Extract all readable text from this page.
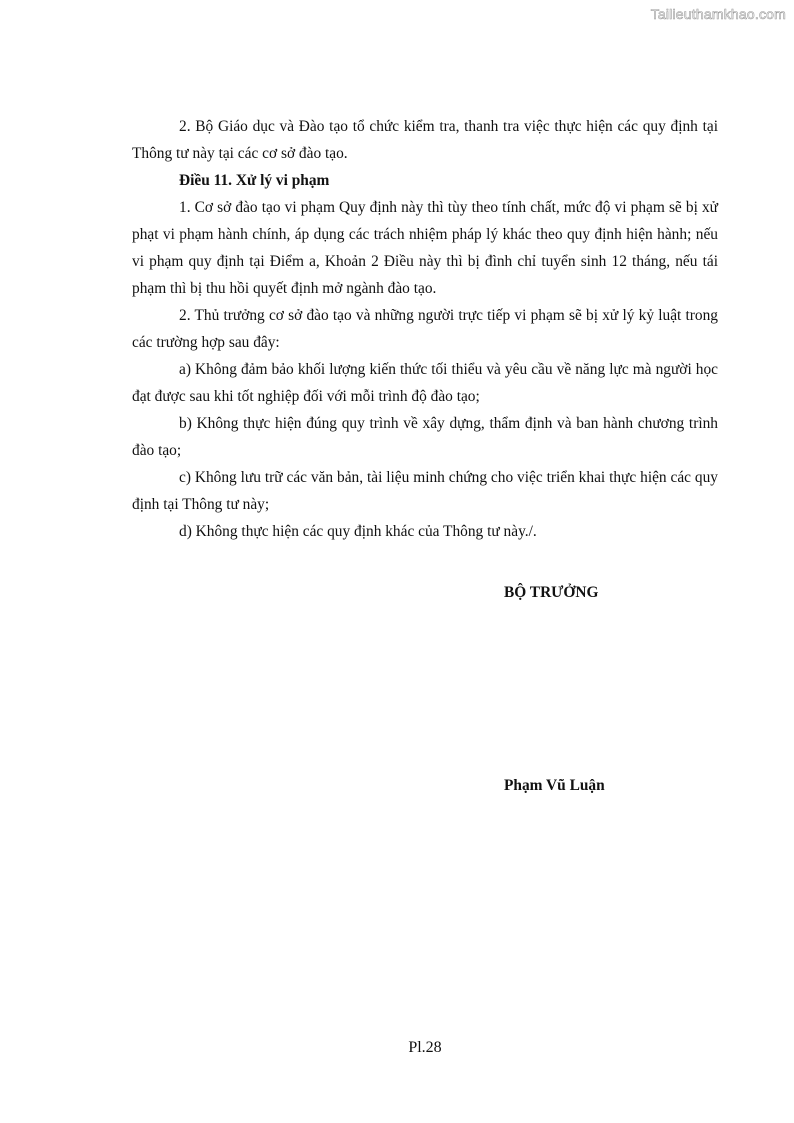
Tailieuthamkhao.com

2. Bộ Giáo dục và Đào tạo tổ chức kiểm tra, thanh tra việc thực hiện các quy định tại Thông tư này tại các cơ sở đào tạo.

Điều 11. Xử lý vi phạm

1. Cơ sở đào tạo vi phạm Quy định này thì tùy theo tính chất, mức độ vi phạm sẽ bị xử phạt vi phạm hành chính, áp dụng các trách nhiệm pháp lý khác theo quy định hiện hành; nếu vi phạm quy định tại Điểm a, Khoản 2 Điều này thì bị đình chỉ tuyển sinh 12 tháng, nếu tái phạm thì bị thu hồi quyết định mở ngành đào tạo.

2. Thủ trưởng cơ sở đào tạo và những người trực tiếp vi phạm sẽ bị xử lý kỷ luật trong các trường hợp sau đây:

a) Không đảm bảo khối lượng kiến thức tối thiểu và yêu cầu về năng lực mà người học đạt được sau khi tốt nghiệp đối với mỗi trình độ đào tạo;

b) Không thực hiện đúng quy trình về xây dựng, thẩm định và ban hành chương trình đào tạo;

c) Không lưu trữ các văn bản, tài liệu minh chứng cho việc triển khai thực hiện các quy định tại Thông tư này;

d) Không thực hiện các quy định khác của Thông tư này./.

BỘ TRƯỞNG
Phạm Vũ Luận
Pl.28
